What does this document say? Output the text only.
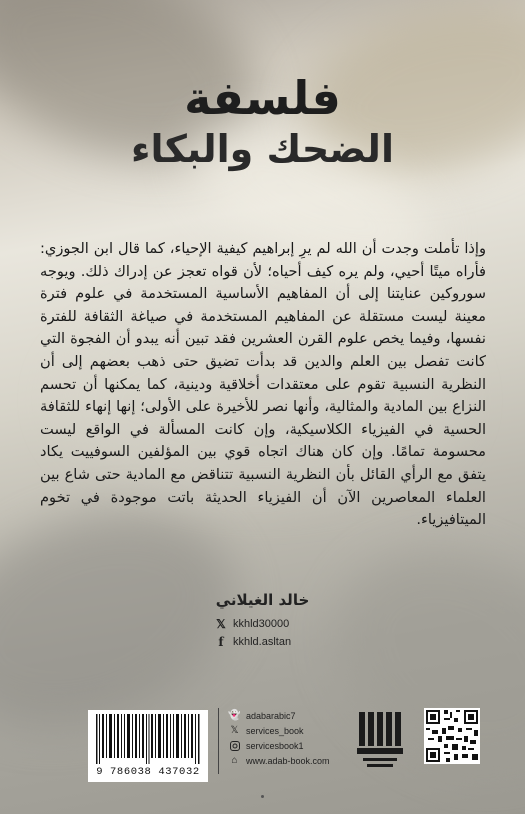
فلسفة
الضحك والبكاء
وإذا تأملت وجدت أن الله لم يرِ إبراهيم كيفية الإحياء، كما قال ابن الجوزي: فأراه ميتًا أحيي، ولم يره كيف أحياه؛ لأن قواه تعجز عن إدراك ذلك. ويوجه سوروكين عنايتنا إلى أن المفاهيم الأساسية المستخدمة في علوم فترة معينة ليست مستقلة عن المفاهيم المستخدمة في صياغة الثقافة للفترة نفسها، وفيما يخص علوم القرن العشرين فقد تبين أنه يبدو أن الفجوة التي كانت تفصل بين العلم والدين قد بدأت تضيق حتى ذهب بعضهم إلى أن النظرية النسبية تقوم على معتقدات أخلاقية ودينية، كما يمكنها أن تحسم النزاع بين المادية والمثالية، وأنها نصر للأخيرة على الأولى؛ إنها إنهاء للثقافة الحسية في الفيزياء الكلاسيكية، وإن كانت المسألة في الواقع ليست محسومة تمامًا. وإن كان هناك اتجاه قوي بين المؤلفين السوفييت يكاد يتفق مع الرأي القائل بأن النظرية النسبية تتناقض مع المادية حتى شاع بين العلماء المعاصرين الآن أن الفيزياء الحديثة باتت موجودة في تخوم الميتافيزياء.
خالد الغيلاني
𝕏 kkhld30000
f kkhld.asltan
9 786038 437032
👻 adabarabic7
𝕏 services_book
servicesbook1
⌂ www.adab-book.com
